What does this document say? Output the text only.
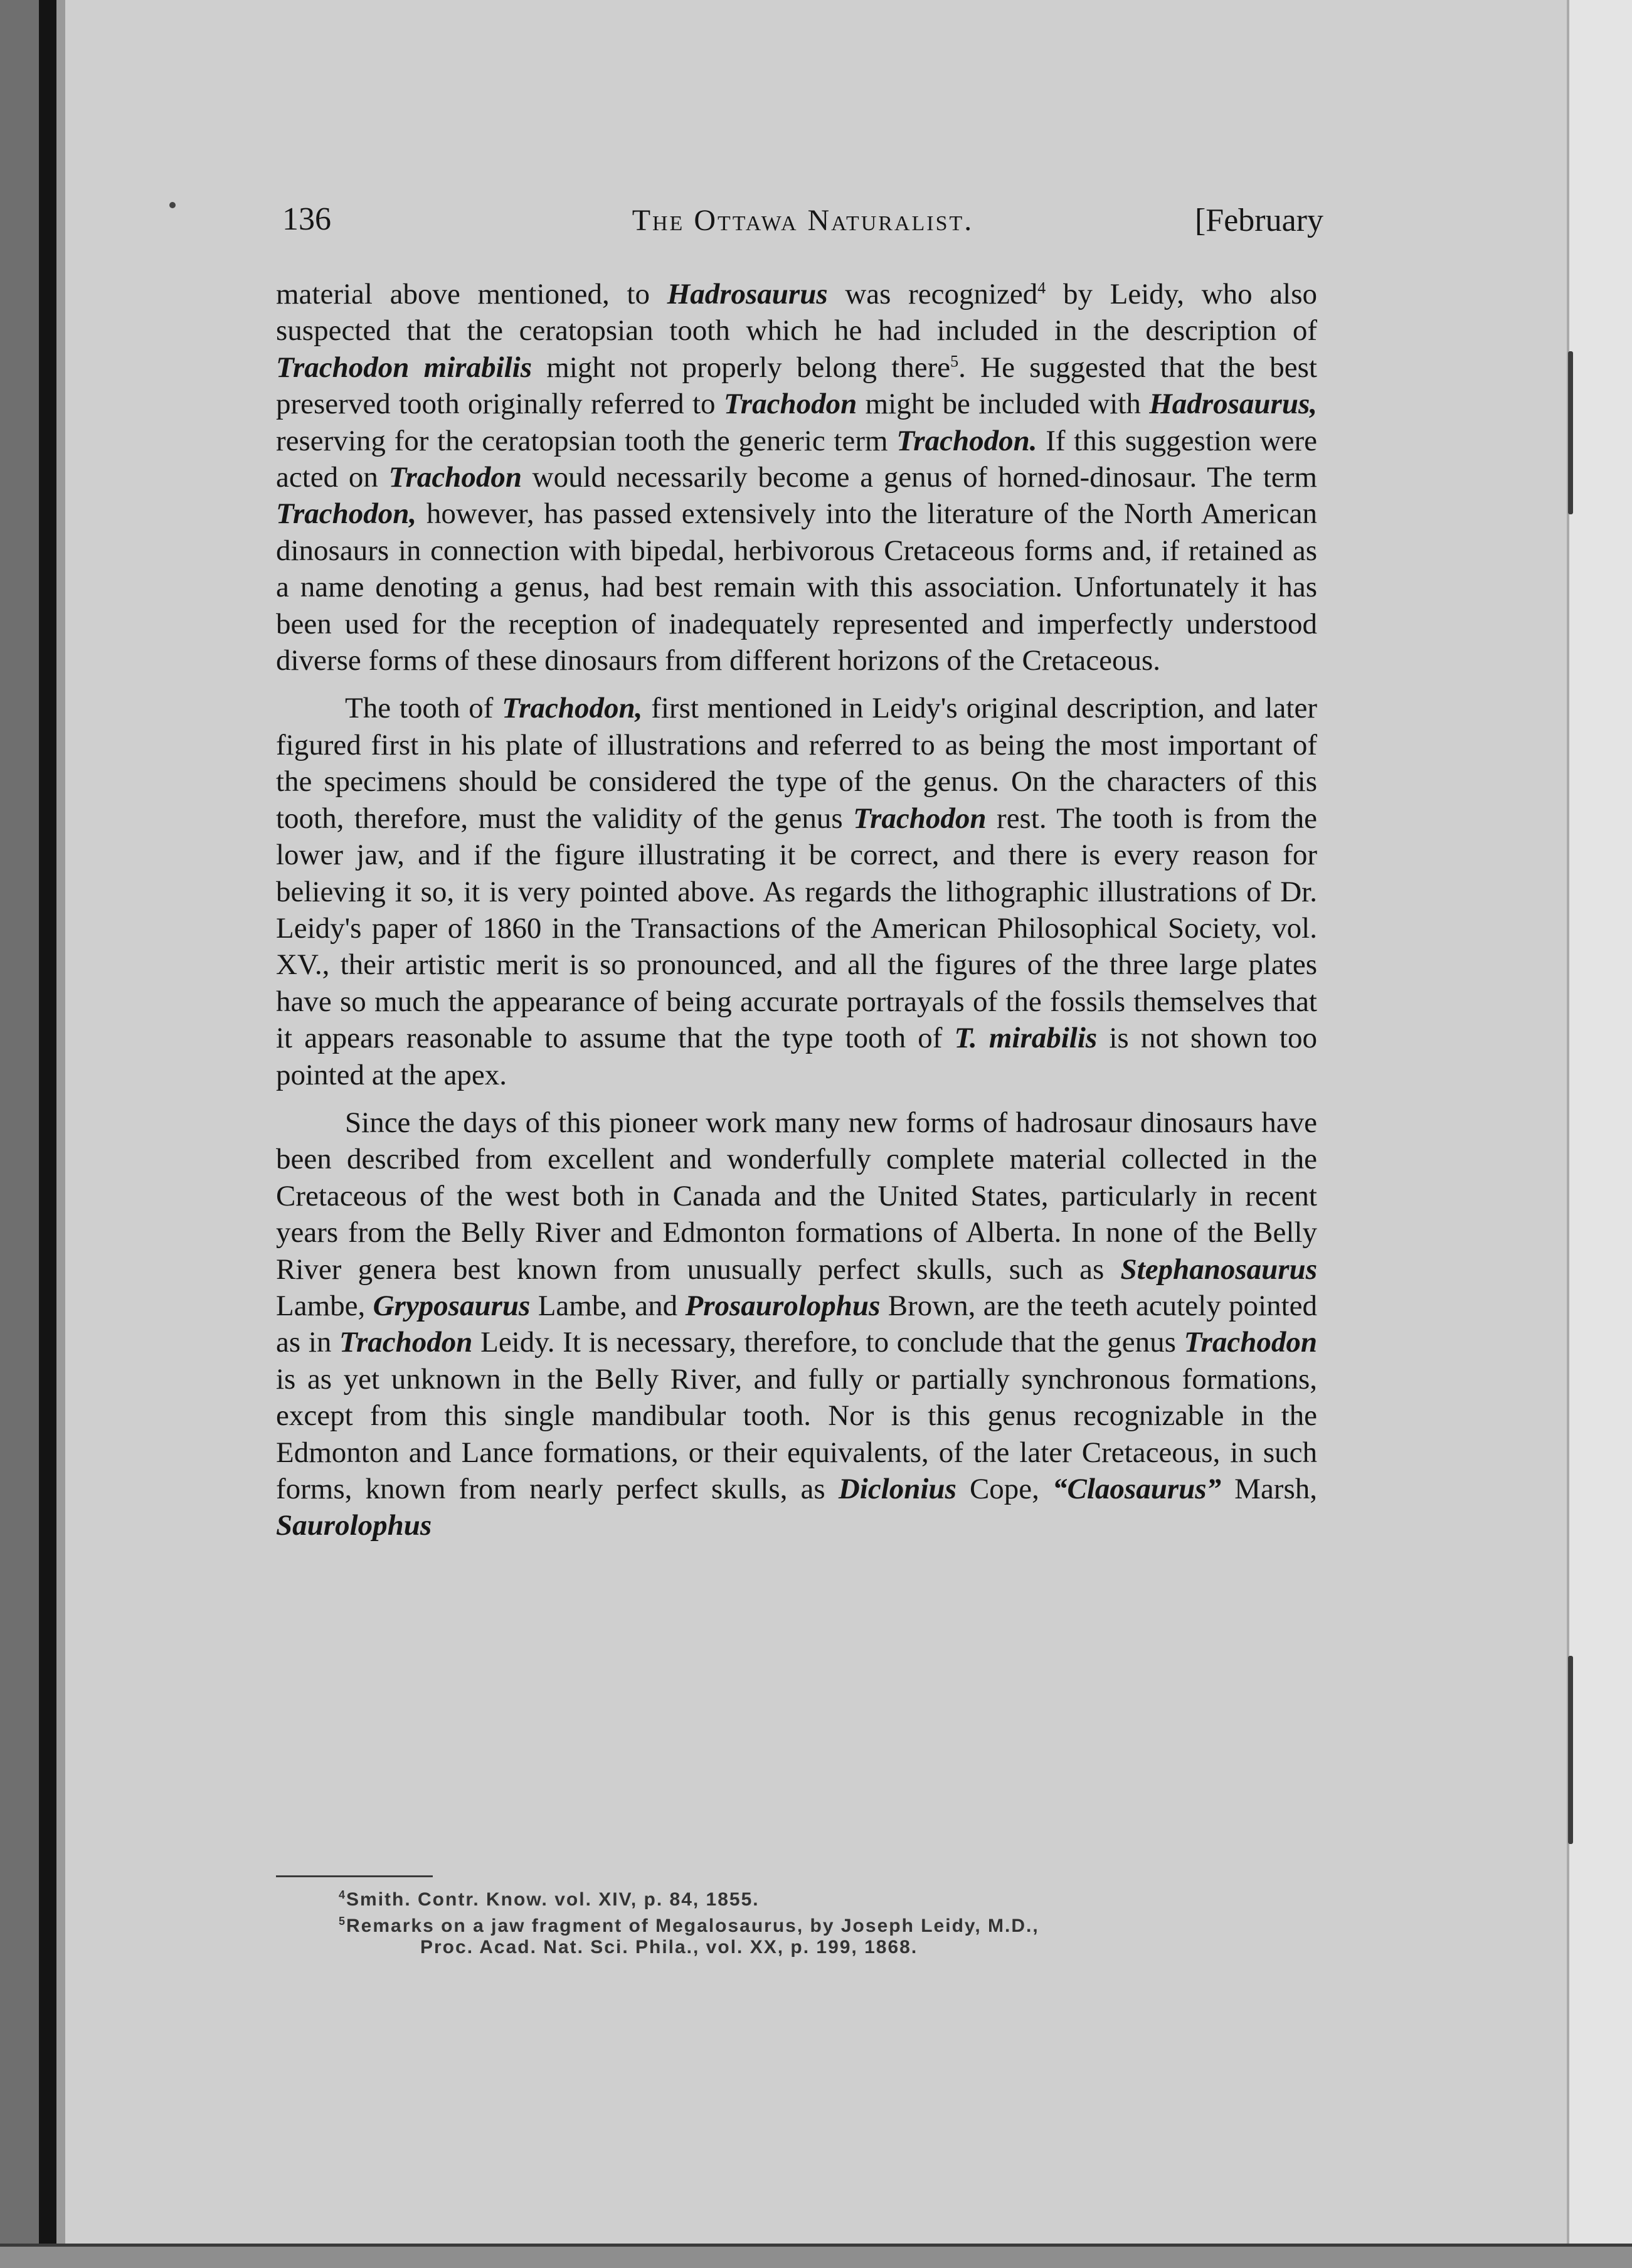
136	The Ottawa Naturalist.	[February

material above mentioned, to Hadrosaurus was recognized$^4$ by Leidy, who also suspected that the ceratopsian tooth which he had included in the description of Trachodon mirabilis might not properly belong there$^5$. He suggested that the best preserved tooth originally referred to Trachodon might be included with Hadrosaurus, reserving for the ceratopsian tooth the generic term Trachodon. If this suggestion were acted on Trachodon would necessarily become a genus of horned-dinosaur. The term Trachodon, however, has passed extensively into the literature of the North American dinosaurs in connection with bipedal, herbivorous Cretaceous forms and, if retained as a name denoting a genus, had best remain with this association. Unfortunately it has been used for the reception of inadequately represented and imperfectly understood diverse forms of these dinosaurs from different horizons of the Cretaceous.

The tooth of Trachodon, first mentioned in Leidy's original description, and later figured first in his plate of illustrations and referred to as being the most important of the specimens should be considered the type of the genus. On the characters of this tooth, therefore, must the validity of the genus Trachodon rest. The tooth is from the lower jaw, and if the figure illustrating it be correct, and there is every reason for believing it so, it is very pointed above. As regards the lithographic illustrations of Dr. Leidy's paper of 1860 in the Transactions of the American Philosophical Society, vol. XV., their artistic merit is so pronounced, and all the figures of the three large plates have so much the appearance of being accurate portrayals of the fossils themselves that it appears reasonable to assume that the type tooth of T. mirabilis is not shown too pointed at the apex.

Since the days of this pioneer work many new forms of hadrosaur dinosaurs have been described from excellent and wonderfully complete material collected in the Cretaceous of the west both in Canada and the United States, particularly in recent years from the Belly River and Edmonton formations of Alberta. In none of the Belly River genera best known from unusually perfect skulls, such as Stephanosaurus Lambe, Gryposaurus Lambe, and Prosaurolophus Brown, are the teeth acutely pointed as in Trachodon Leidy. It is necessary, therefore, to conclude that the genus Trachodon is as yet unknown in the Belly River, and fully or partially synchronous formations, except from this single mandibular tooth. Nor is this genus recognizable in the Edmonton and Lance formations, or their equivalents, of the later Cretaceous, in such forms, known from nearly perfect skulls, as Diclonius Cope, “Claosaurus” Marsh, Saurolophus

$^4$Smith. Contr. Know. vol. XIV, p. 84, 1855.
$^5$Remarks on a jaw fragment of Megalosaurus, by Joseph Leidy, M.D.,
Proc. Acad. Nat. Sci. Phila., vol. XX, p. 199, 1868.
